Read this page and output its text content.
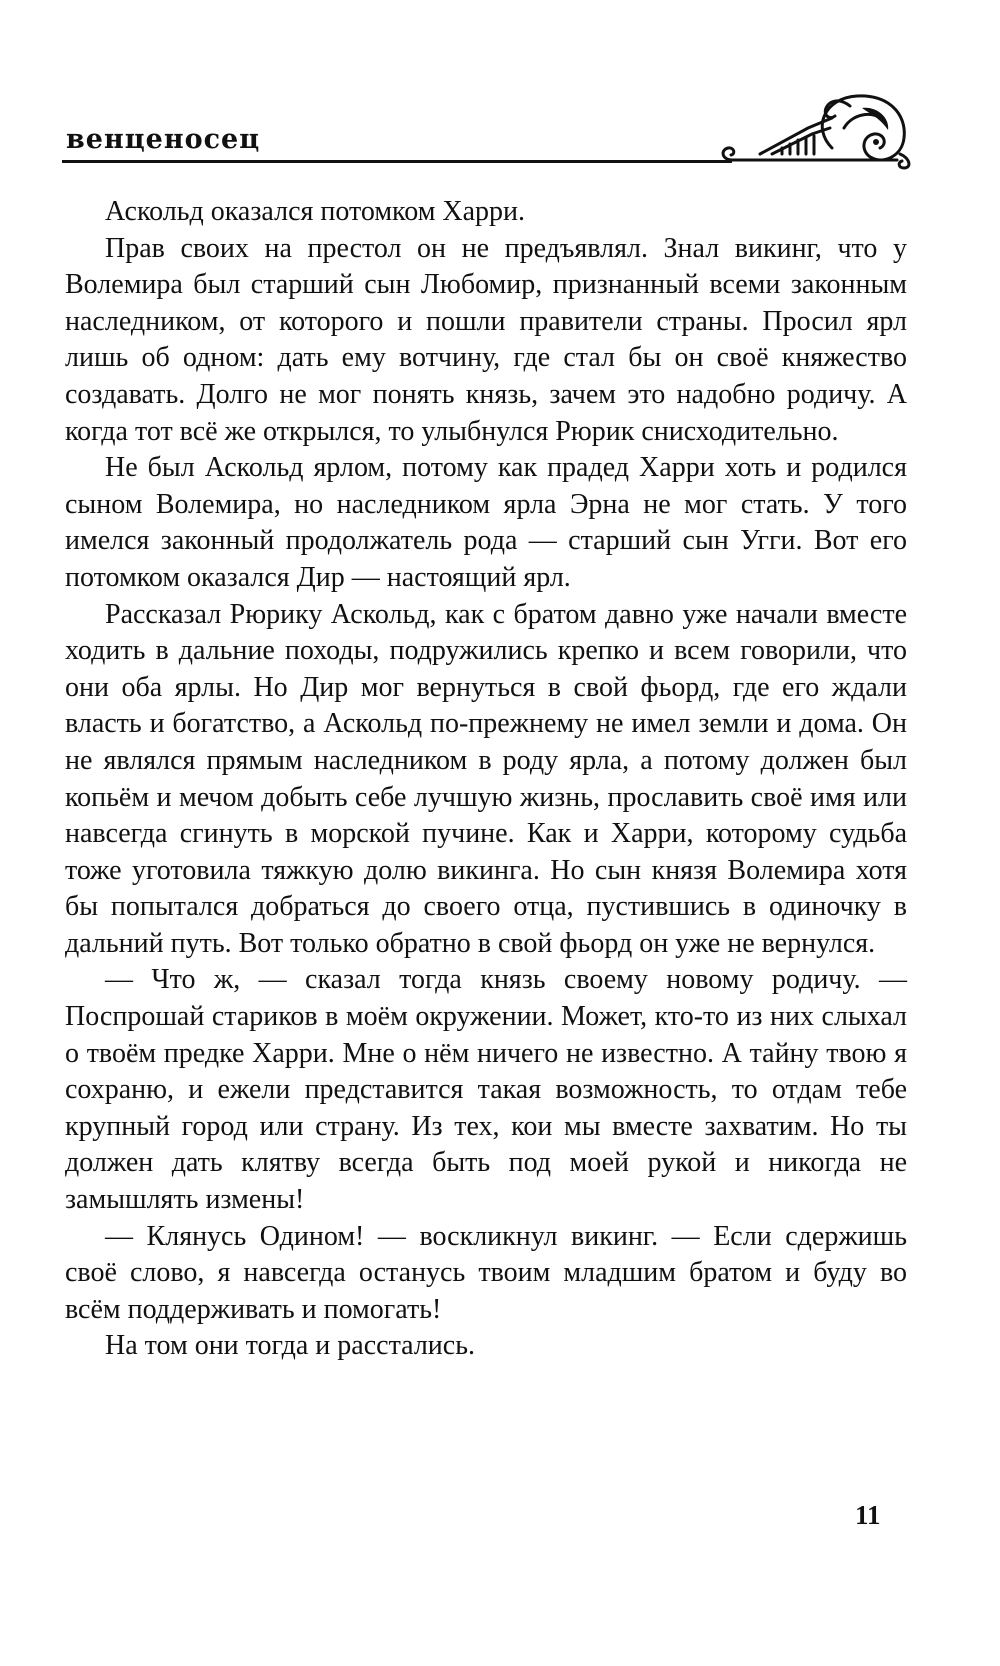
венценосец

Аскольд оказался потомком Харри.

Прав своих на престол он не предъявлял. Знал викинг, что у Волемира был старший сын Любомир, признанный всеми законным наследником, от которого и пошли правители страны. Просил ярл лишь об одном: дать ему вотчину, где стал бы он своё княжество создавать. Долго не мог понять князь, зачем это надобно родичу. А когда тот всё же открылся, то улыбнулся Рюрик снисходительно.

Не был Аскольд ярлом, потому как прадед Харри хоть и родился сыном Волемира, но наследником ярла Эрна не мог стать. У того имелся законный продолжатель рода — старший сын Угги. Вот его потомком оказался Дир — настоящий ярл.

Рассказал Рюрику Аскольд, как с братом давно уже начали вместе ходить в дальние походы, подружились крепко и всем говорили, что они оба ярлы. Но Дир мог вернуться в свой фьорд, где его ждали власть и богатство, а Аскольд по-прежнему не имел земли и дома. Он не являлся прямым наследником в роду ярла, а потому должен был копьём и мечом добыть себе лучшую жизнь, прославить своё имя или навсегда сгинуть в морской пучине. Как и Харри, которому судьба тоже уготовила тяжкую долю викинга. Но сын князя Волемира хотя бы попытался добраться до своего отца, пустившись в одиночку в дальний путь. Вот только обратно в свой фьорд он уже не вернулся.

— Что ж, — сказал тогда князь своему новому родичу. — Поспрошай стариков в моём окружении. Может, кто-то из них слыхал о твоём предке Харри. Мне о нём ничего не известно. А тайну твою я сохраню, и ежели представится такая возможность, то отдам тебе крупный город или страну. Из тех, кои мы вместе захватим. Но ты должен дать клятву всегда быть под моей рукой и никогда не замышлять измены!

— Клянусь Одином! — воскликнул викинг. — Если сдержишь своё слово, я навсегда останусь твоим младшим братом и буду во всём поддерживать и помогать!

На том они тогда и расстались.

11
